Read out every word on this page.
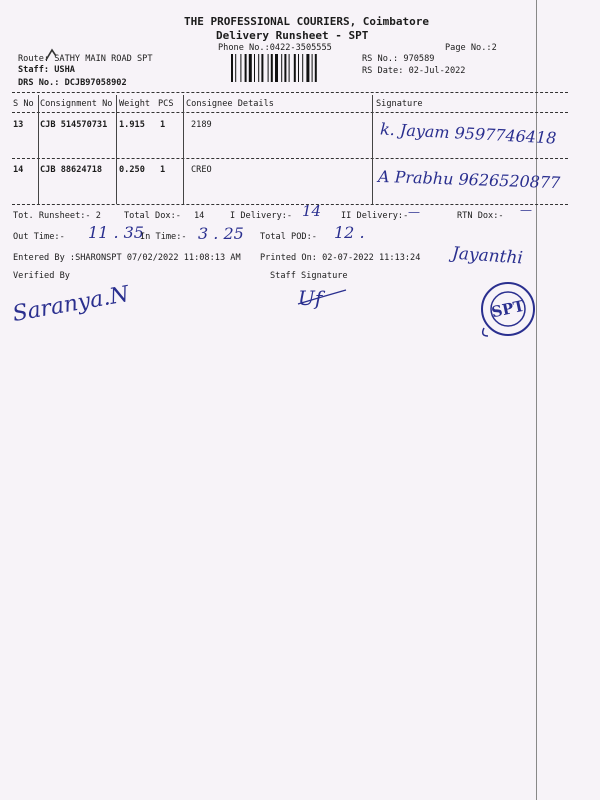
THE PROFESSIONAL COURIERS, Coimbatore
Delivery Runsheet - SPT
Phone No.:0422-3505555	Page No.:2
Route: SATHY MAIN ROAD SPT
Staff: USHA
DRS No.: DCJB97058902
RS No.: 970589
RS Date: 02-Jul-2022
S No Consignment No Weight PCS Consignee Details	Signature
13 CJB 514570731 1.915 1	2189	k. Jayam 9597746418
14 CJB 88624718 0.250 1	CREO	A Prabhu 9626520877
Tot. Runsheet:- 2	Total Dox:- 14	I Delivery:- 14 II Delivery:- —	RTN Dox:- —
Out Time:- 11 . 35
In Time:- 3 . 25 Total POD:- 12 .
Entered By :SHARONSPT 07/02/2022 11:08:13 AM Printed On: 02-07-2022 11:13:24 Jayanthi
Verified By	Staff Signature
Saranya.N	Uf	SPT
